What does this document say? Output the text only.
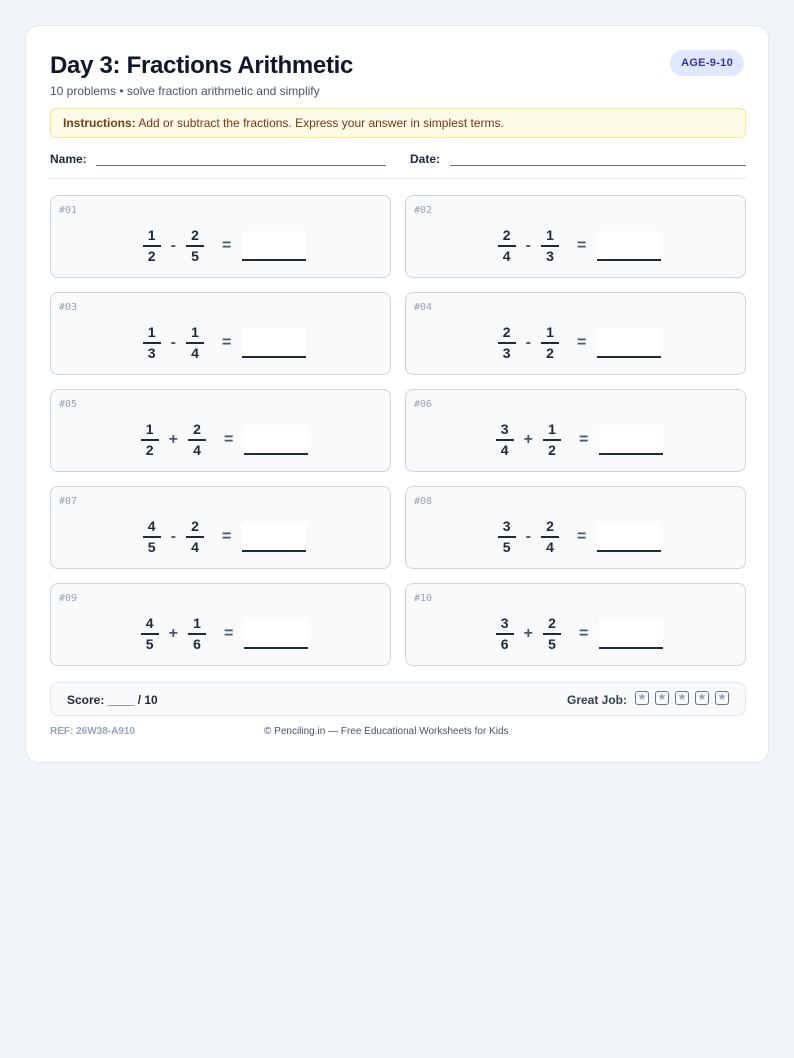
Day 3: Fractions Arithmetic
10 problems • solve fraction arithmetic and simplify
AGE-9-10
Instructions: Add or subtract the fractions. Express your answer in simplest terms.
Name:	Date:
#01
$\frac{1}{2} - \frac{2}{5}$ =
#02
$\frac{2}{4} - \frac{1}{3}$ =
#03
$\frac{1}{3} - \frac{1}{4}$ =
#04
$\frac{2}{3} - \frac{1}{2}$ =
#05
$\frac{1}{2} + \frac{2}{4}$ =
#06
$\frac{3}{4} + \frac{1}{2}$ =
#07
$\frac{4}{5} - \frac{2}{4}$ =
#08
$\frac{3}{5} - \frac{2}{4}$ =
#09
$\frac{4}{5} + \frac{1}{6}$ =
#10
$\frac{3}{6} + \frac{2}{5}$ =
Score: ____ / 10	Great Job: ★ ★ ★ ★ ★
REF: 26W38-A910	© Penciling.in — Free Educational Worksheets for Kids
